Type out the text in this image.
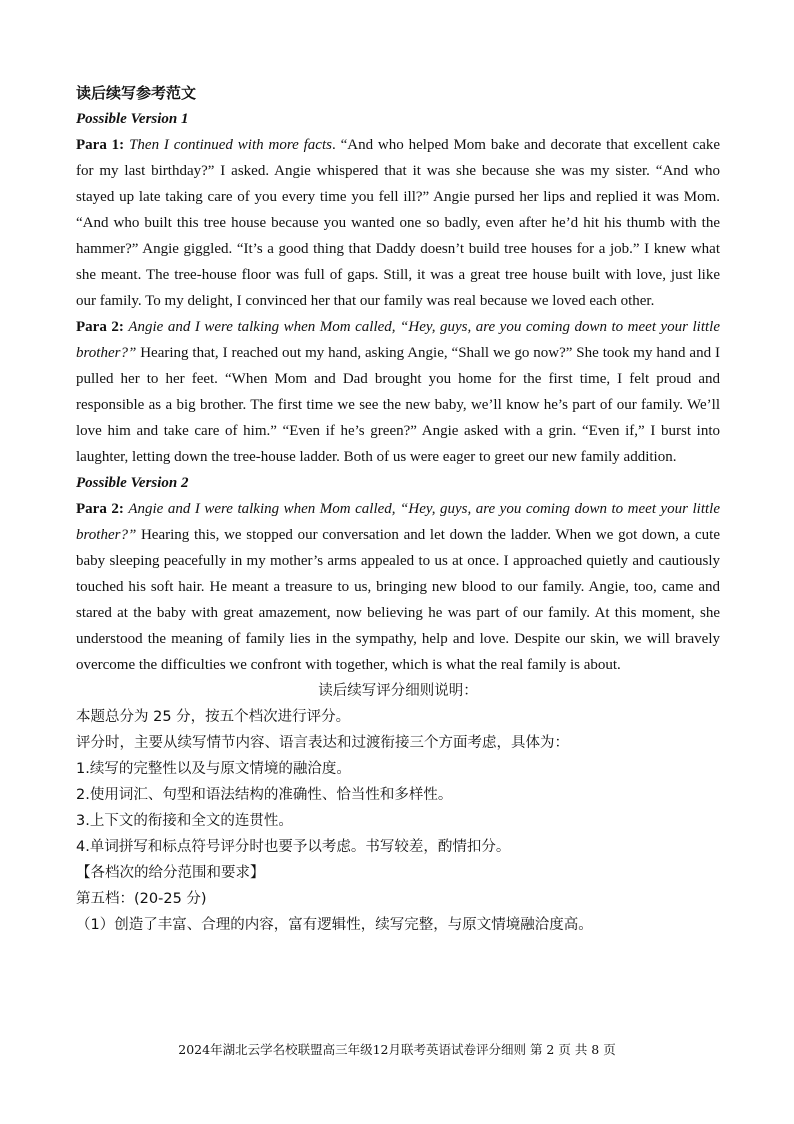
读后续写参考范文

Possible Version 1

Para 1: Then I continued with more facts. “And who helped Mom bake and decorate that excellent cake for my last birthday?” I asked. Angie whispered that it was she because she was my sister. “And who stayed up late taking care of you every time you fell ill?” Angie pursed her lips and replied it was Mom. “And who built this tree house because you wanted one so badly, even after he’d hit his thumb with the hammer?” Angie giggled. “It’s a good thing that Daddy doesn’t build tree houses for a job.” I knew what she meant. The tree-house floor was full of gaps. Still, it was a great tree house built with love, just like our family. To my delight, I convinced her that our family was real because we loved each other.

Para 2: Angie and I were talking when Mom called, “Hey, guys, are you coming down to meet your little brother?” Hearing that, I reached out my hand, asking Angie, “Shall we go now?” She took my hand and I pulled her to her feet. “When Mom and Dad brought you home for the first time, I felt proud and responsible as a big brother. The first time we see the new baby, we’ll know he’s part of our family. We’ll love him and take care of him.” “Even if he’s green?” Angie asked with a grin. “Even if,” I burst into laughter, letting down the tree-house ladder. Both of us were eager to greet our new family addition.

Possible Version 2

Para 2: Angie and I were talking when Mom called, “Hey, guys, are you coming down to meet your little brother?” Hearing this, we stopped our conversation and let down the ladder. When we got down, a cute baby sleeping peacefully in my mother’s arms appealed to us at once. I approached quietly and cautiously touched his soft hair. He meant a treasure to us, bringing new blood to our family. Angie, too, came and stared at the baby with great amazement, now believing he was part of our family. At this moment, she understood the meaning of family lies in the sympathy, help and love. Despite our skin, we will bravely overcome the difficulties we confront with together, which is what the real family is about.

读后续写评分细则说明：

本题总分为 25 分，按五个档次进行评分。

评分时，主要从续写情节内容、语言表达和过渡衔接三个方面考虑，具体为：

1.续写的完整性以及与原文情境的融洽度。

2.使用词汇、句型和语法结构的准确性、恰当性和多样性。

3.上下文的衔接和全文的连贯性。

4.单词拼写和标点符号评分时也要予以考虑。书写较差，酌情扣分。

【各档次的给分范围和要求】

第五档：(20-25 分)

（1）创造了丰富、合理的内容，富有逻辑性，续写完整，与原文情境融洽度高。

2024年湖北云学名校联盟高三年级12月联考英语试卷评分细则 第 2 页 共 8 页
